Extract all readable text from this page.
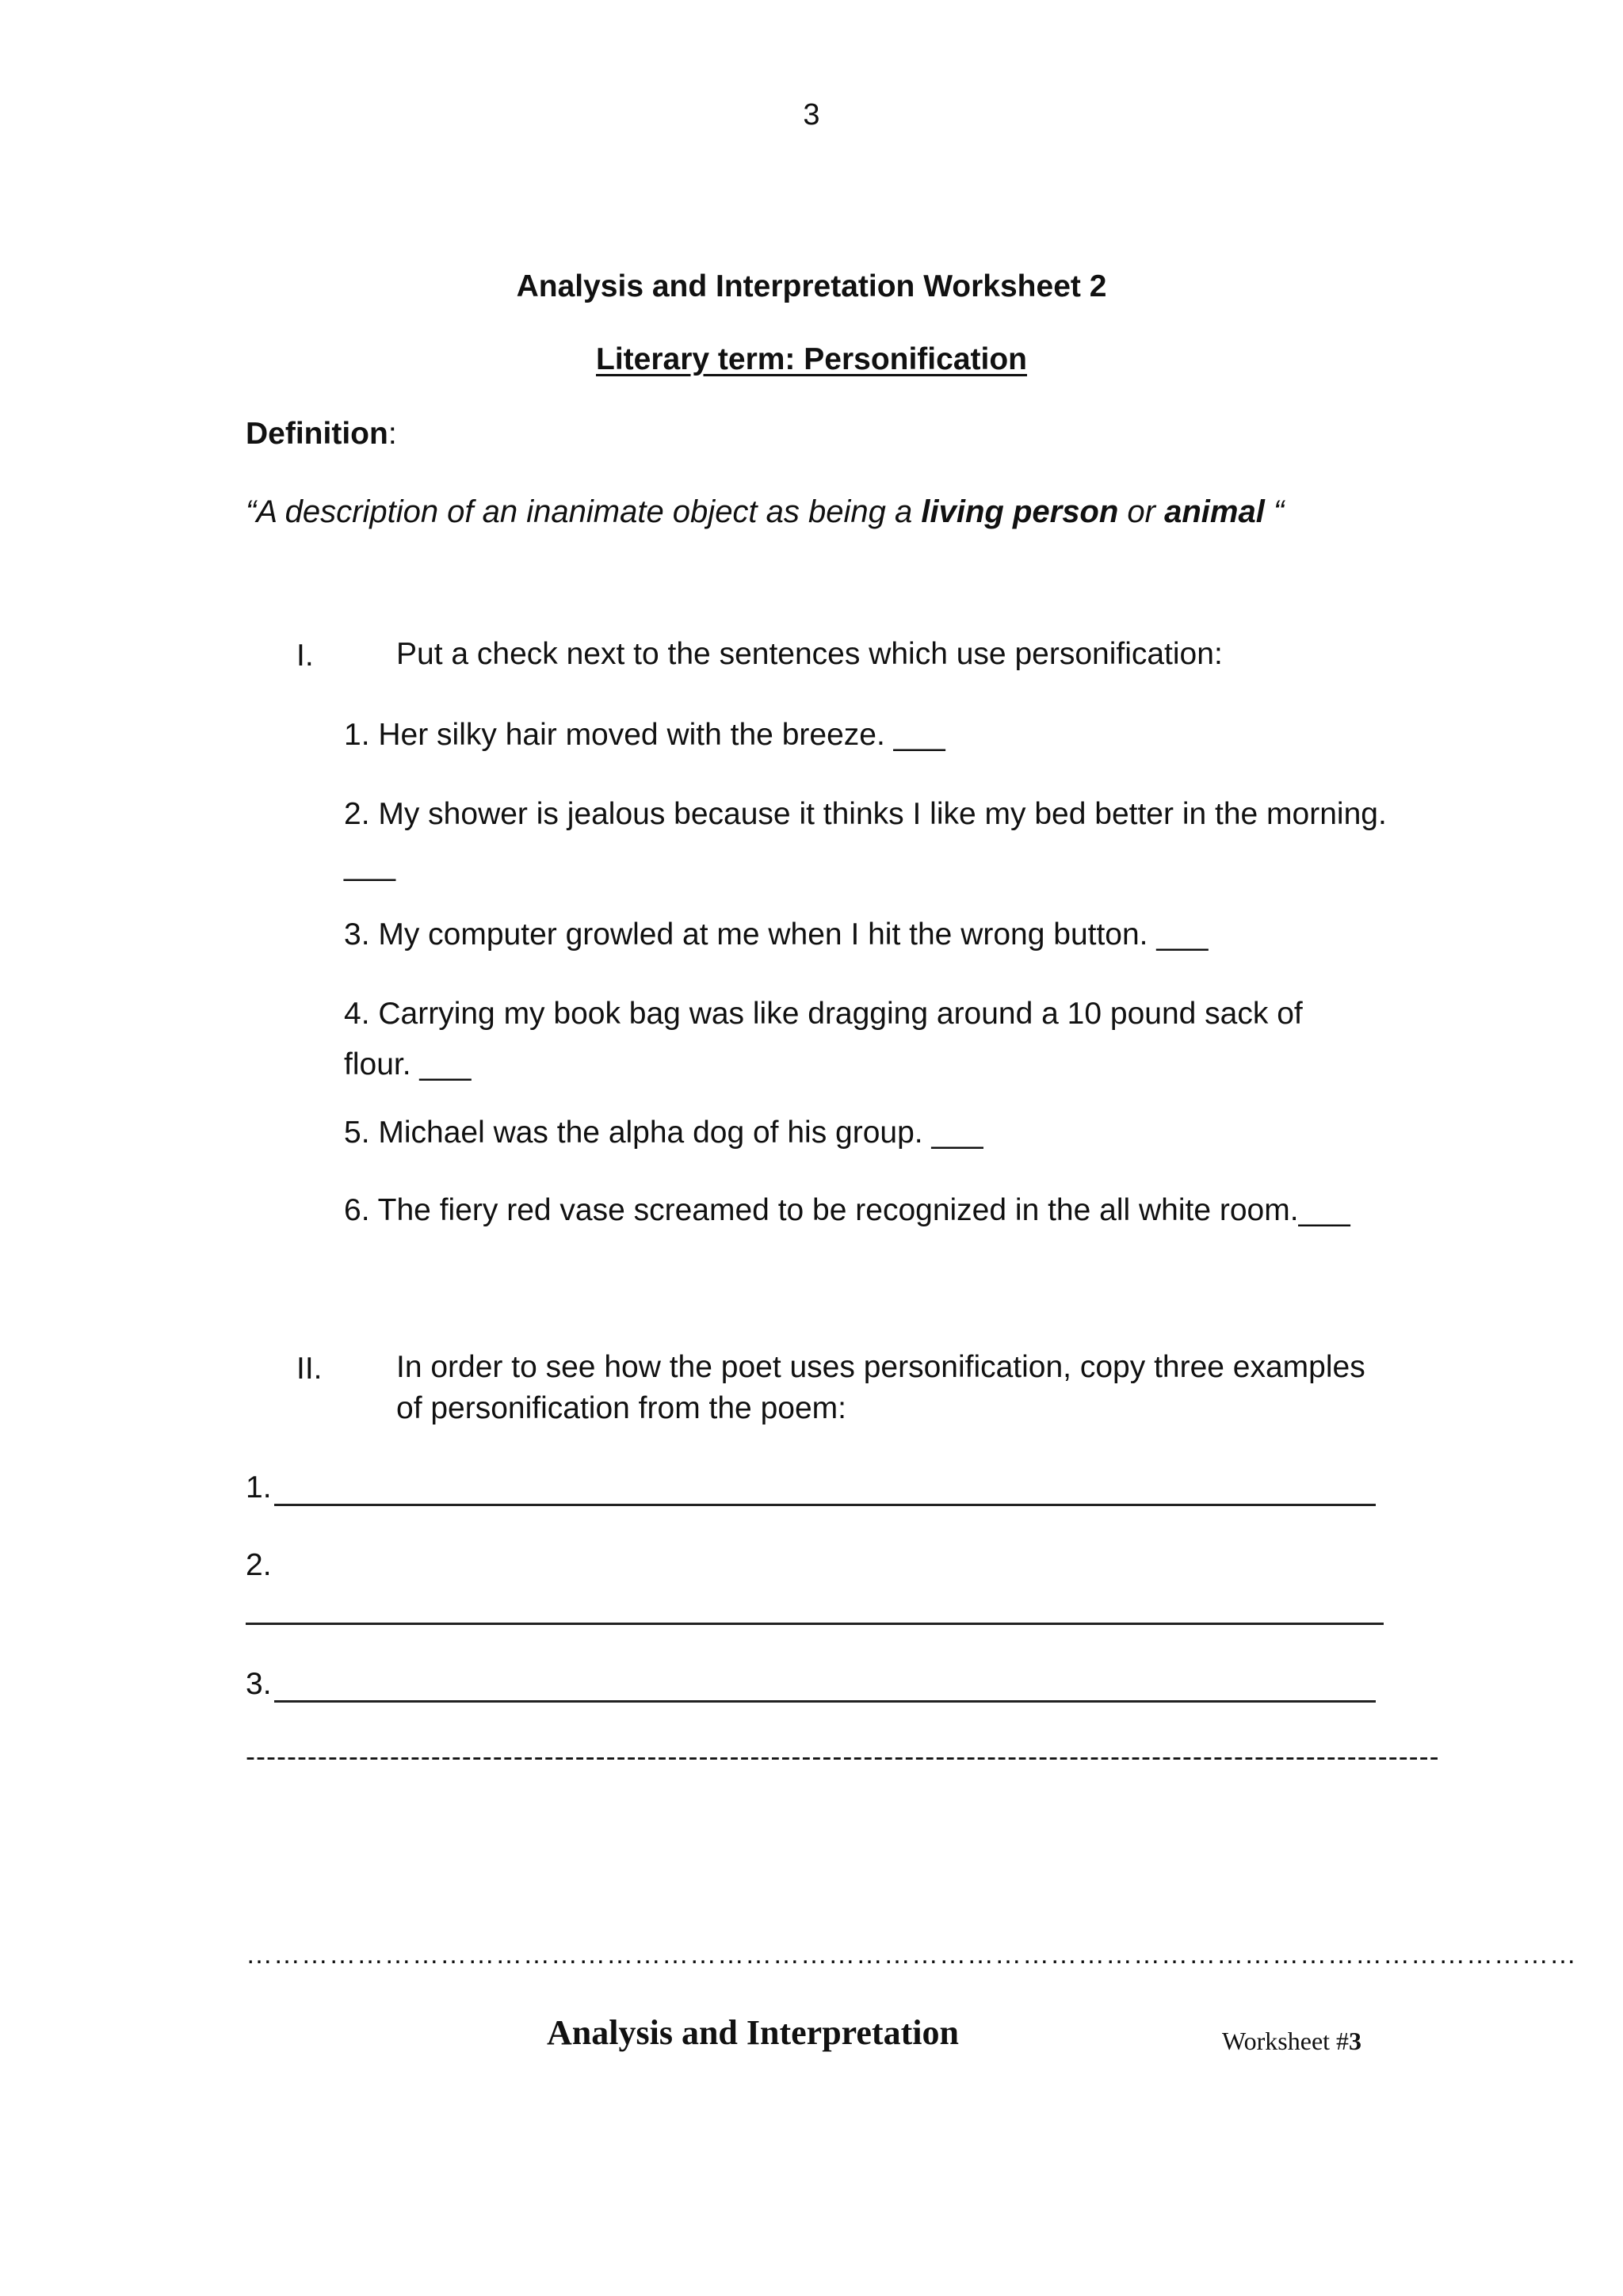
3
Analysis and Interpretation Worksheet 2
Literary term: Personification
Definition:
“A description of an inanimate object as being a living person or animal “
I.	Put a check next to the sentences which use personification:
1. Her silky hair moved with the breeze. ___
2. My shower is jealous because it thinks I like my bed better in the morning. ___
3. My computer growled at me when I hit the wrong button. ___
4. Carrying my book bag was like dragging around a 10 pound sack of flour. ___
5. Michael was the alpha dog of his group. ___
6. The fiery red vase screamed to be recognized in the all white room.___
II. In order to see how the poet uses personification, copy three examples of personification from the poem:
1.
2.
3.
--------------------------------------------------------------------------------------------------------------------
………………………………………………………………………………………………………………………………
Analysis and Interpretation	Worksheet #3
